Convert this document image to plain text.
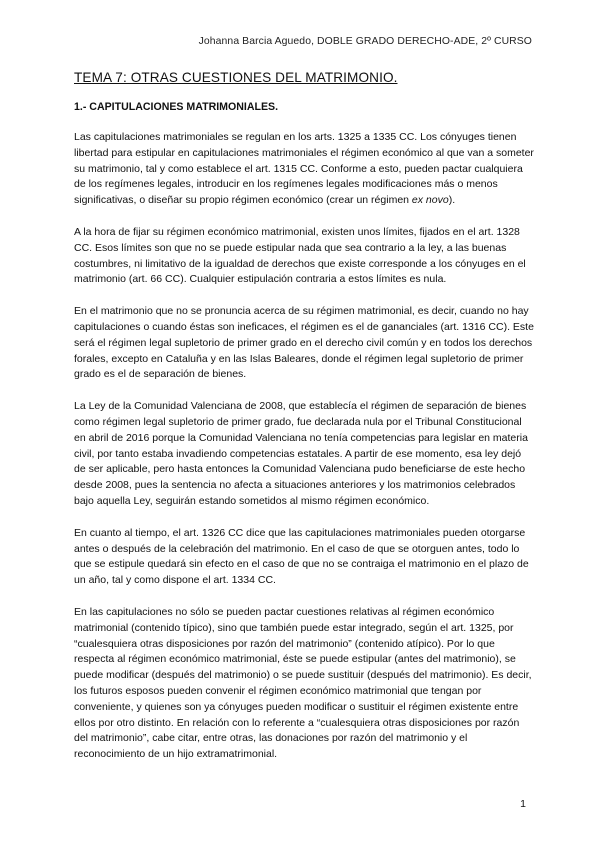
Johanna Barcia Aguedo, DOBLE GRADO DERECHO-ADE, 2º CURSO
TEMA 7: OTRAS CUESTIONES DEL MATRIMONIO.
1.- CAPITULACIONES MATRIMONIALES.

Las capitulaciones matrimoniales se regulan en los arts. 1325 a 1335 CC. Los cónyuges tienen libertad para estipular en capitulaciones matrimoniales el régimen económico al que van a someter su matrimonio, tal y como establece el art. 1315 CC. Conforme a esto, pueden pactar cualquiera de los regímenes legales, introducir en los regímenes legales modificaciones más o menos significativas, o diseñar su propio régimen económico (crear un régimen ex novo).

A la hora de fijar su régimen económico matrimonial, existen unos límites, fijados en el art. 1328 CC. Esos límites son que no se puede estipular nada que sea contrario a la ley, a las buenas costumbres, ni limitativo de la igualdad de derechos que existe corresponde a los cónyuges en el matrimonio (art. 66 CC). Cualquier estipulación contraria a estos límites es nula.

En el matrimonio que no se pronuncia acerca de su régimen matrimonial, es decir, cuando no hay capitulaciones o cuando éstas son ineficaces, el régimen es el de gananciales (art. 1316 CC). Este será el régimen legal supletorio de primer grado en el derecho civil común y en todos los derechos forales, excepto en Cataluña y en las Islas Baleares, donde el régimen legal supletorio de primer grado es el de separación de bienes.

La Ley de la Comunidad Valenciana de 2008, que establecía el régimen de separación de bienes como régimen legal supletorio de primer grado, fue declarada nula por el Tribunal Constitucional en abril de 2016 porque la Comunidad Valenciana no tenía competencias para legislar en materia civil, por tanto estaba invadiendo competencias estatales. A partir de ese momento, esa ley dejó de ser aplicable, pero hasta entonces la Comunidad Valenciana pudo beneficiarse de este hecho desde 2008, pues la sentencia no afecta a situaciones anteriores y los matrimonios celebrados bajo aquella Ley, seguirán estando sometidos al mismo régimen económico.

En cuanto al tiempo, el art. 1326 CC dice que las capitulaciones matrimoniales pueden otorgarse antes o después de la celebración del matrimonio. En el caso de que se otorguen antes, todo lo que se estipule quedará sin efecto en el caso de que no se contraiga el matrimonio en el plazo de un año, tal y como dispone el art. 1334 CC.

En las capitulaciones no sólo se pueden pactar cuestiones relativas al régimen económico matrimonial (contenido típico), sino que también puede estar integrado, según el art. 1325, por “cualesquiera otras disposiciones por razón del matrimonio” (contenido atípico). Por lo que respecta al régimen económico matrimonial, éste se puede estipular (antes del matrimonio), se puede modificar (después del matrimonio) o se puede sustituir (después del matrimonio). Es decir, los futuros esposos pueden convenir el régimen económico matrimonial que tengan por conveniente, y quienes son ya cónyuges pueden modificar o sustituir el régimen existente entre ellos por otro distinto. En relación con lo referente a “cualesquiera otras disposiciones por razón del matrimonio”, cabe citar, entre otras, las donaciones por razón del matrimonio y el reconocimiento de un hijo extramatrimonial.

1
